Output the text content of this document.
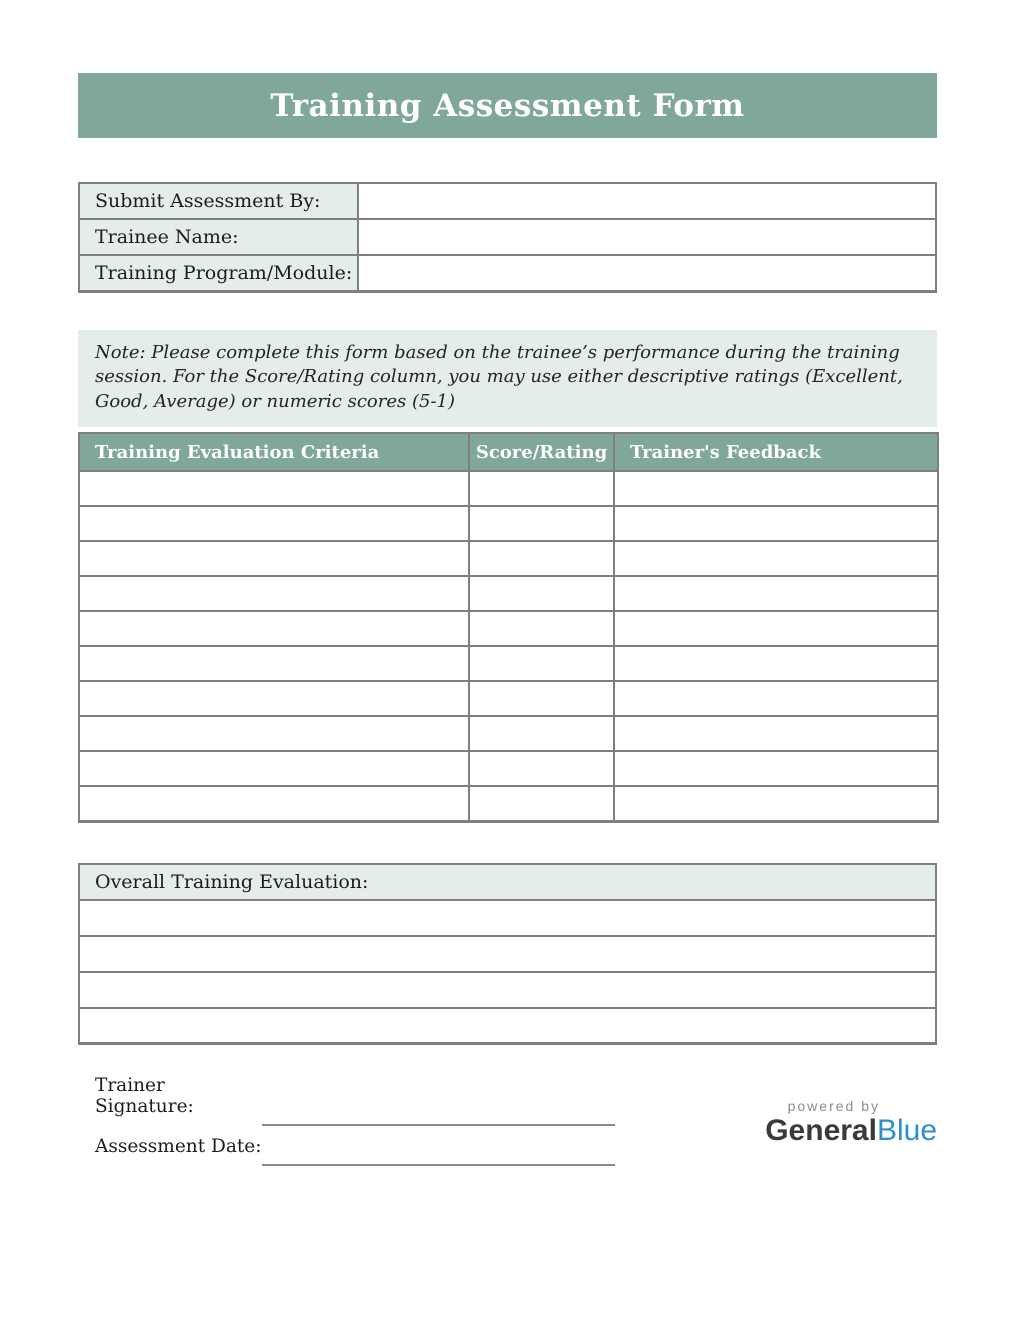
Training Assessment Form
Submit Assessment By:	
Trainee Name:	
Training Program/Module:	

Note: Please complete this form based on the trainee’s performance during the training session. For the Score/Rating column, you may use either descriptive ratings (Excellent, Good, Average) or numeric scores (5-1)

Training Evaluation Criteria	Score/Rating	Trainer's Feedback

Overall Training Evaluation:

Trainer Signature:
Assessment Date:
powered by
GeneralBlue
